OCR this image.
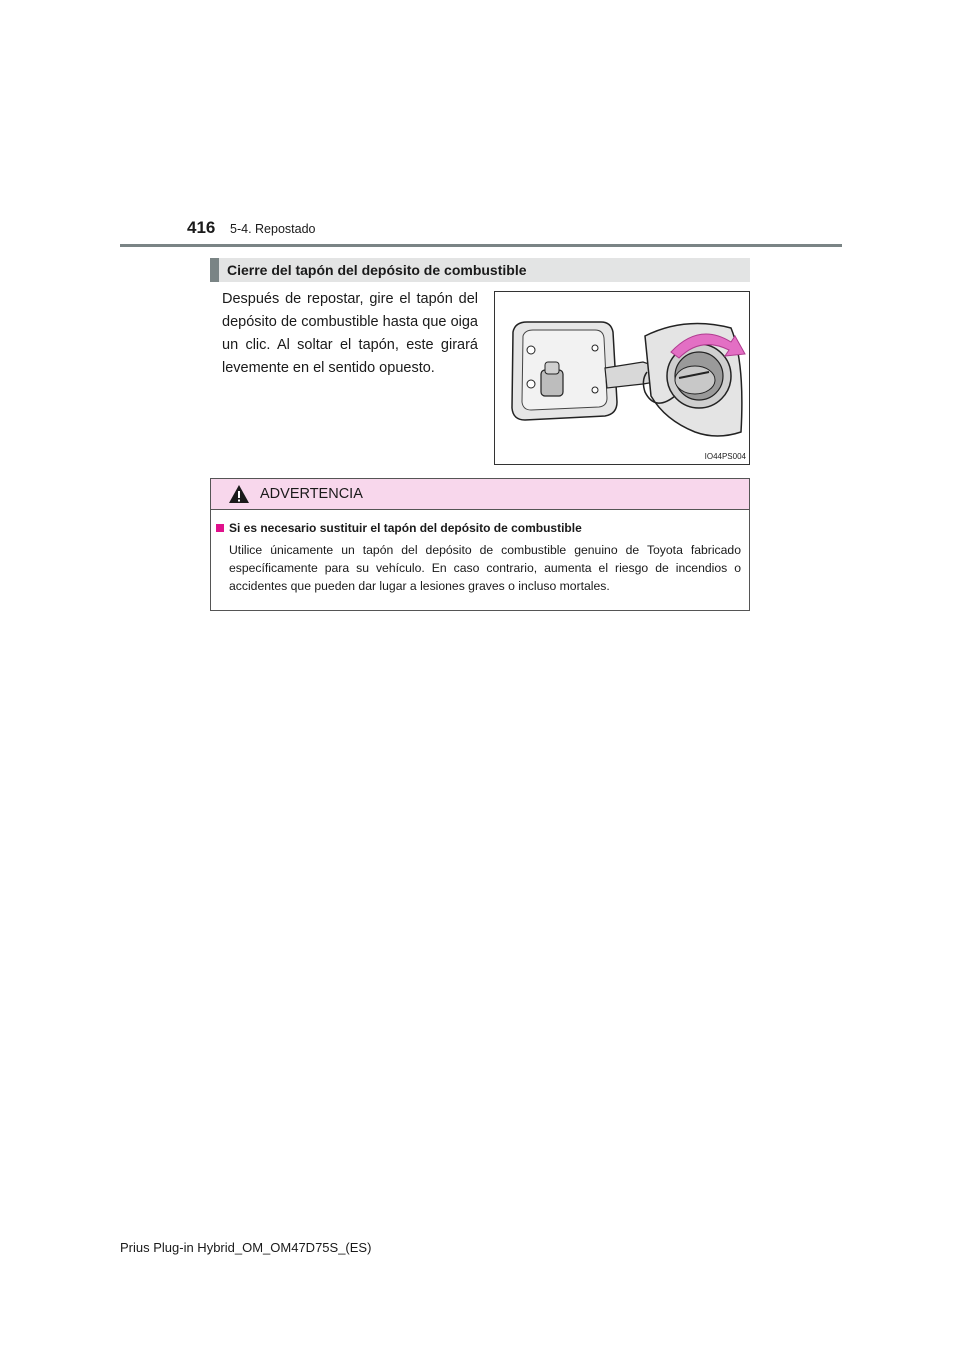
416 5-4. Repostado
Cierre del tapón del depósito de combustible
Después de repostar, gire el tapón del depósito de combustible hasta que oiga un clic. Al soltar el tapón, este girará levemente en el sentido opuesto.
IO44PS004
ADVERTENCIA
Si es necesario sustituir el tapón del depósito de combustible
Utilice únicamente un tapón del depósito de combustible genuino de Toyota fabricado específicamente para su vehículo. En caso contrario, aumenta el riesgo de incendios o accidentes que pueden dar lugar a lesiones graves o incluso mortales.
Prius Plug-in Hybrid_OM_OM47D75S_(ES)
